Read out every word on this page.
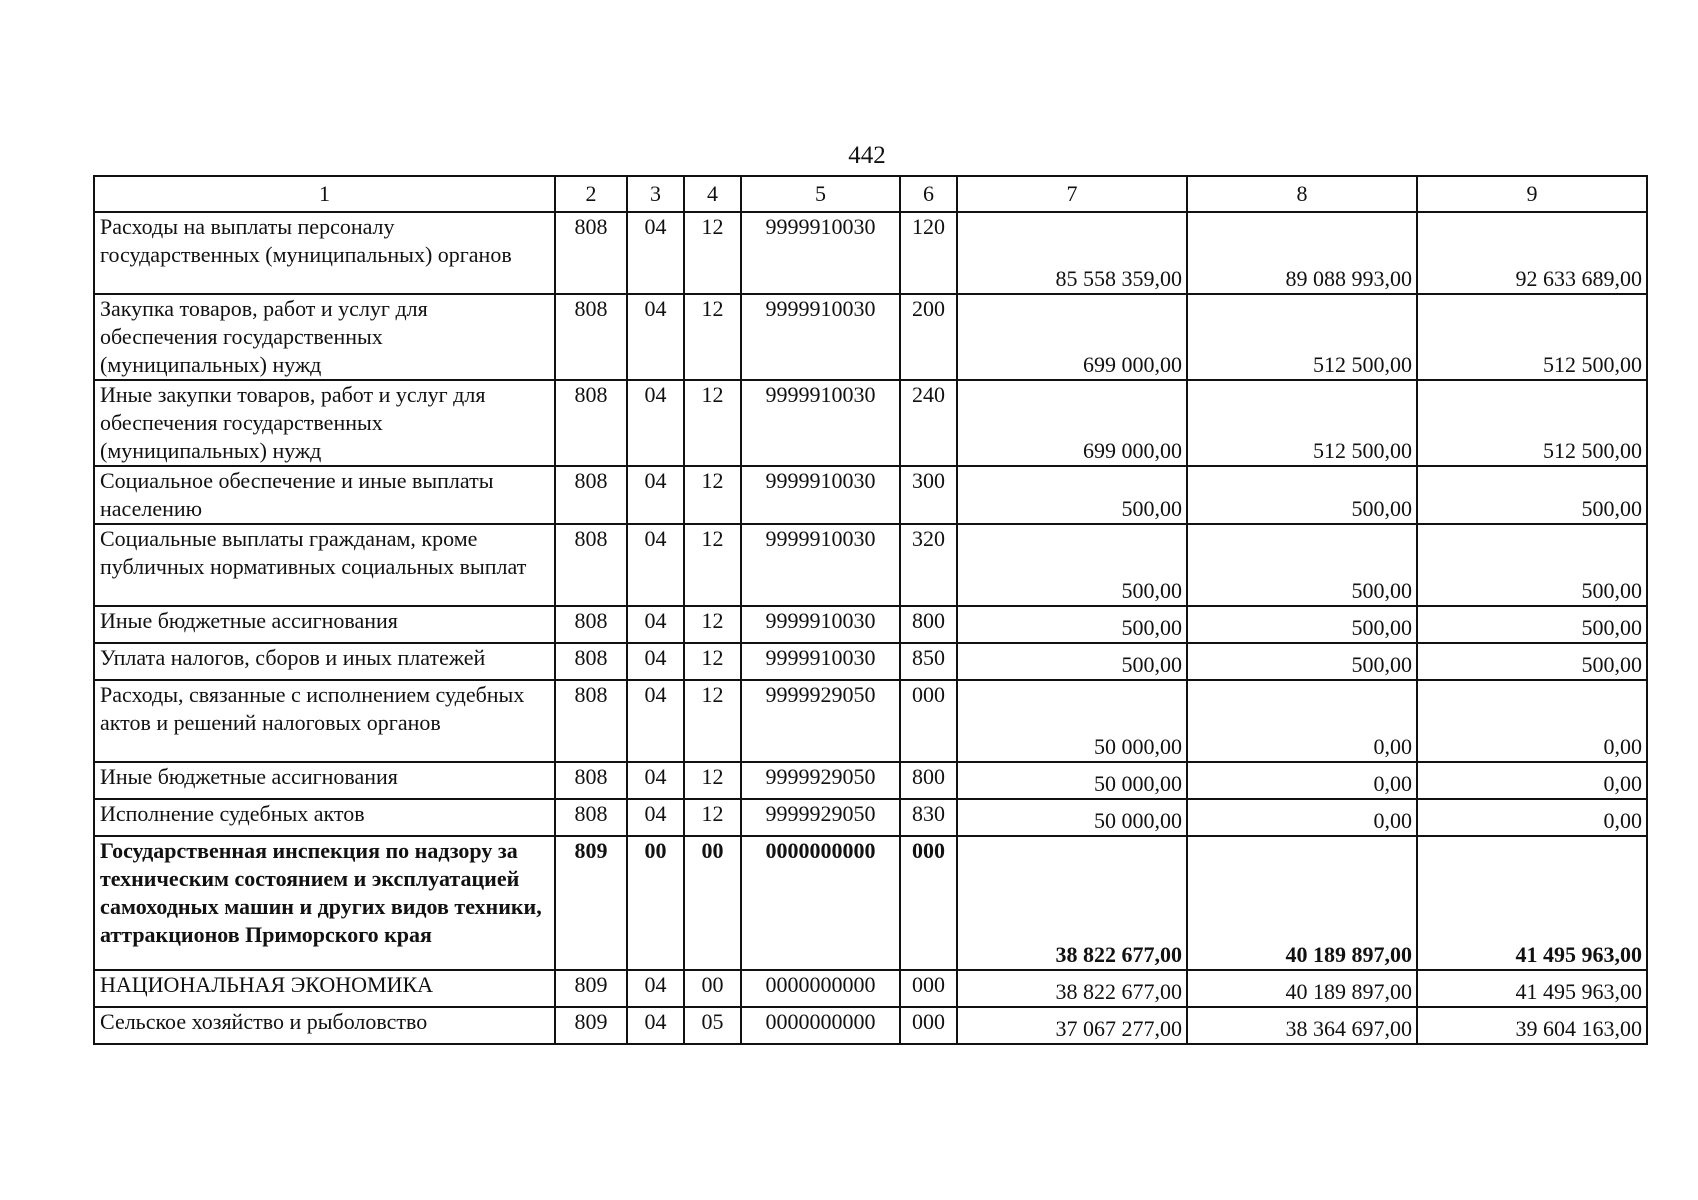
442
1	2	3	4	5	6	7	8	9
Расходы на выплаты персоналу государственных (муниципальных) органов	808	04	12	9999910030	120	85 558 359,00	89 088 993,00	92 633 689,00
Закупка товаров, работ и услуг для обеспечения государственных (муниципальных) нужд	808	04	12	9999910030	200	699 000,00	512 500,00	512 500,00
Иные закупки товаров, работ и услуг для обеспечения государственных (муниципальных) нужд	808	04	12	9999910030	240	699 000,00	512 500,00	512 500,00
Социальное обеспечение и иные выплаты населению	808	04	12	9999910030	300	500,00	500,00	500,00
Социальные выплаты гражданам, кроме публичных нормативных социальных выплат	808	04	12	9999910030	320	500,00	500,00	500,00
Иные бюджетные ассигнования	808	04	12	9999910030	800	500,00	500,00	500,00
Уплата налогов, сборов и иных платежей	808	04	12	9999910030	850	500,00	500,00	500,00
Расходы, связанные с исполнением судебных актов и решений налоговых органов	808	04	12	9999929050	000	50 000,00	0,00	0,00
Иные бюджетные ассигнования	808	04	12	9999929050	800	50 000,00	0,00	0,00
Исполнение судебных актов	808	04	12	9999929050	830	50 000,00	0,00	0,00
Государственная инспекция по надзору за техническим состоянием и эксплуатацией самоходных машин и других видов техники, аттракционов Приморского края	809	00	00	0000000000	000	38 822 677,00	40 189 897,00	41 495 963,00
НАЦИОНАЛЬНАЯ ЭКОНОМИКА	809	04	00	0000000000	000	38 822 677,00	40 189 897,00	41 495 963,00
Сельское хозяйство и рыболовство	809	04	05	0000000000	000	37 067 277,00	38 364 697,00	39 604 163,00
